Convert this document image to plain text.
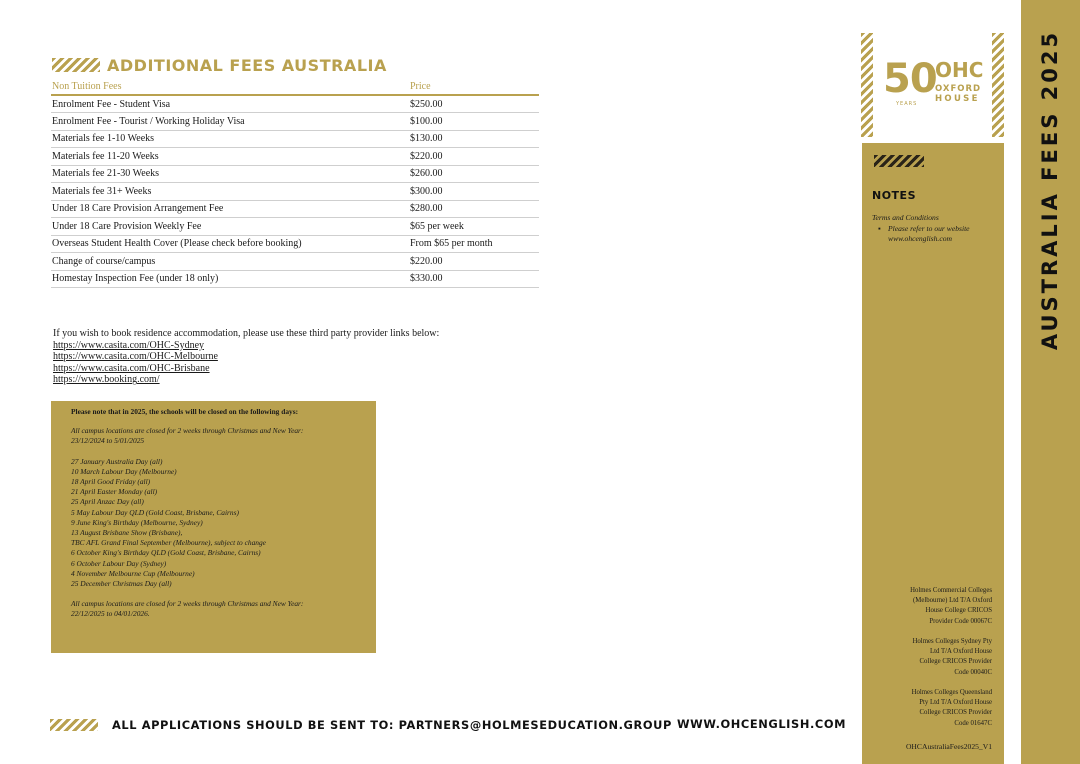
ADDITIONAL FEES AUSTRALIA
Non Tuition Fees	Price
Enrolment Fee - Student Visa	$250.00
Enrolment Fee - Tourist / Working Holiday Visa	$100.00
Materials fee 1-10 Weeks	$130.00
Materials fee 11-20 Weeks	$220.00
Materials fee 21-30 Weeks	$260.00
Materials fee 31+ Weeks	$300.00
Under 18 Care Provision Arrangement Fee	$280.00
Under 18 Care Provision Weekly Fee	$65 per week
Overseas Student Health Cover (Please check before booking)	From $65 per month
Change of course/campus	$220.00
Homestay Inspection Fee (under 18 only)	$330.00
If you wish to book residence accommodation, please use these third party provider links below:
https://www.casita.com/OHC-Sydney
https://www.casita.com/OHC-Melbourne
https://www.casita.com/OHC-Brisbane
https://www.booking.com/
Please note that in 2025, the schools will be closed on the following days:
All campus locations are closed for 2 weeks through Christmas and New Year:
23/12/2024 to 5/01/2025
27 January Australia Day (all)
10 March Labour Day (Melbourne)
18 April Good Friday (all)
21 April Easter Monday (all)
25 April Anzac Day (all)
5 May Labour Day QLD (Gold Coast, Brisbane, Cairns)
9 June King's Birthday (Melbourne, Sydney)
13 August Brisbane Show (Brisbane),
TBC AFL Grand Final September (Melbourne), subject to change
6 October King's Birthday QLD (Gold Coast, Brisbane, Cairns)
6 October Labour Day (Sydney)
4 November Melbourne Cup (Melbourne)
25 December Christmas Day (all)
All campus locations are closed for 2 weeks through Christmas and New Year:
22/12/2025 to 04/01/2026.
ALL APPLICATIONS SHOULD BE SENT TO: PARTNERS@HOLMESEDUCATION.GROUP WWW.OHCENGLISH.COM
50
YEARS
OHC
OXFORD
HOUSE
NOTES
Terms and Conditions
▪ Please refer to our website www.ohcenglish.com
Holmes Commercial Colleges
(Melbourne) Ltd T/A Oxford
House College CRICOS
Provider Code 00067C
Holmes Colleges Sydney Pty
Ltd T/A Oxford House
College CRICOS Provider
Code 00040C
Holmes Colleges Queensland
Pty Ltd T/A Oxford House
College CRICOS Provider
Code 01647C
OHCAustraliaFees2025_V1
AUSTRALIA FEES 2025
